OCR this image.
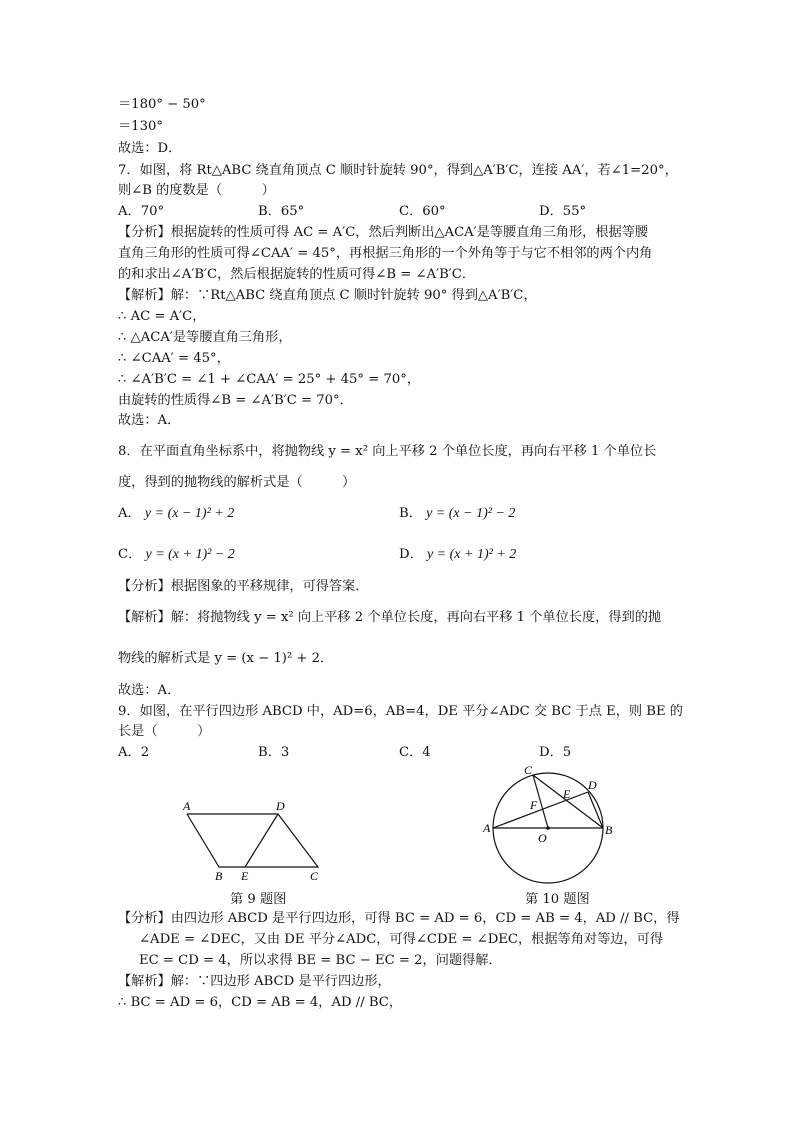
＝180° − 50°
＝130°
故选：D．
7．如图，将 Rt△ABC 绕直角顶点 C 顺时针旋转 90°，得到△A′B′C，连接 AA′，若∠1=20°，
则∠B 的度数是（　　　）
A．70°	B．65°	C．60°	D．55°
【分析】根据旋转的性质可得 AC = A′C，然后判断出△ACA′是等腰直角三角形，根据等腰
直角三角形的性质可得∠CAA′ = 45°，再根据三角形的一个外角等于与它不相邻的两个内角
的和求出∠A′B′C，然后根据旋转的性质可得∠B = ∠A′B′C．
【解析】解：∵Rt△ABC 绕直角顶点 C 顺时针旋转 90° 得到△A′B′C，
∴ AC = A′C，
∴ △ACA′是等腰直角三角形，
∴ ∠CAA′ = 45°，
∴ ∠A′B′C = ∠1 + ∠CAA′ = 25° + 45° = 70°，
由旋转的性质得∠B = ∠A′B′C = 70°．
故选：A．
8．在平面直角坐标系中，将抛物线 y = x² 向上平移 2 个单位长度，再向右平移 1 个单位长
度，得到的抛物线的解析式是（　　　）
A． y = (x − 1)² + 2	B． y = (x − 1)² − 2
C． y = (x + 1)² − 2	D． y = (x + 1)² + 2
【分析】根据图象的平移规律，可得答案．
【解析】解：将抛物线 y = x² 向上平移 2 个单位长度，再向右平移 1 个单位长度，得到的抛
物线的解析式是 y = (x − 1)² + 2．
故选：A．
9．如图，在平行四边形 ABCD 中，AD=6，AB=4，DE 平分∠ADC 交 BC 于点 E，则 BE 的
长是（　　　）
A．2	B．3	C．4	D．5
A	D
B E	C
第 9 题图
C
D
E
F
A	B
O
第 10 题图
【分析】由四边形 ABCD 是平行四边形，可得 BC = AD = 6，CD = AB = 4，AD // BC，得
∠ADE = ∠DEC，又由 DE 平分∠ADC，可得∠CDE = ∠DEC，根据等角对等边，可得
EC = CD = 4，所以求得 BE = BC − EC = 2，问题得解．
【解析】解：∵四边形 ABCD 是平行四边形，
∴ BC = AD = 6，CD = AB = 4，AD // BC，
